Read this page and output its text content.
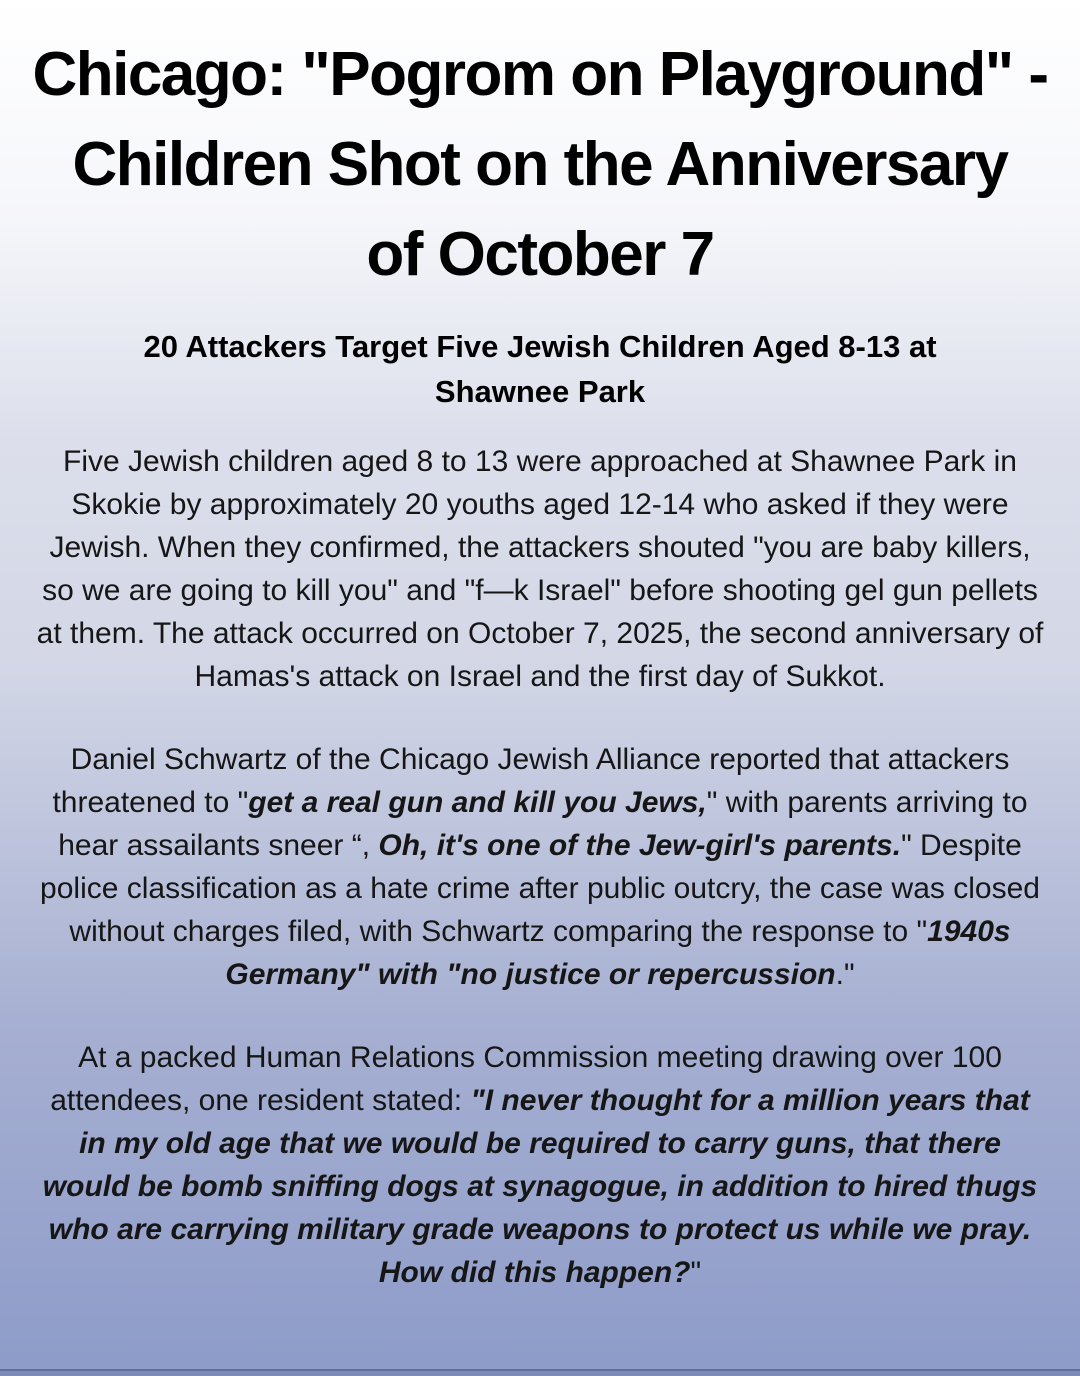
Chicago: "Pogrom on Playground" -
Children Shot on the Anniversary
of October 7
20 Attackers Target Five Jewish Children Aged 8-13 at
Shawnee Park

Five Jewish children aged 8 to 13 were approached at Shawnee Park in Skokie by approximately 20 youths aged 12-14 who asked if they were Jewish. When they confirmed, the attackers shouted "you are baby killers, so we are going to kill you" and "f—k Israel" before shooting gel gun pellets at them. The attack occurred on October 7, 2025, the second anniversary of Hamas's attack on Israel and the first day of Sukkot.

Daniel Schwartz of the Chicago Jewish Alliance reported that attackers threatened to "get a real gun and kill you Jews," with parents arriving to hear assailants sneer “, Oh, it's one of the Jew-girl's parents." Despite police classification as a hate crime after public outcry, the case was closed without charges filed, with Schwartz comparing the response to "1940s Germany" with "no justice or repercussion."

At a packed Human Relations Commission meeting drawing over 100 attendees, one resident stated: "I never thought for a million years that in my old age that we would be required to carry guns, that there would be bomb sniffing dogs at synagogue, in addition to hired thugs who are carrying military grade weapons to protect us while we pray. How did this happen?"
